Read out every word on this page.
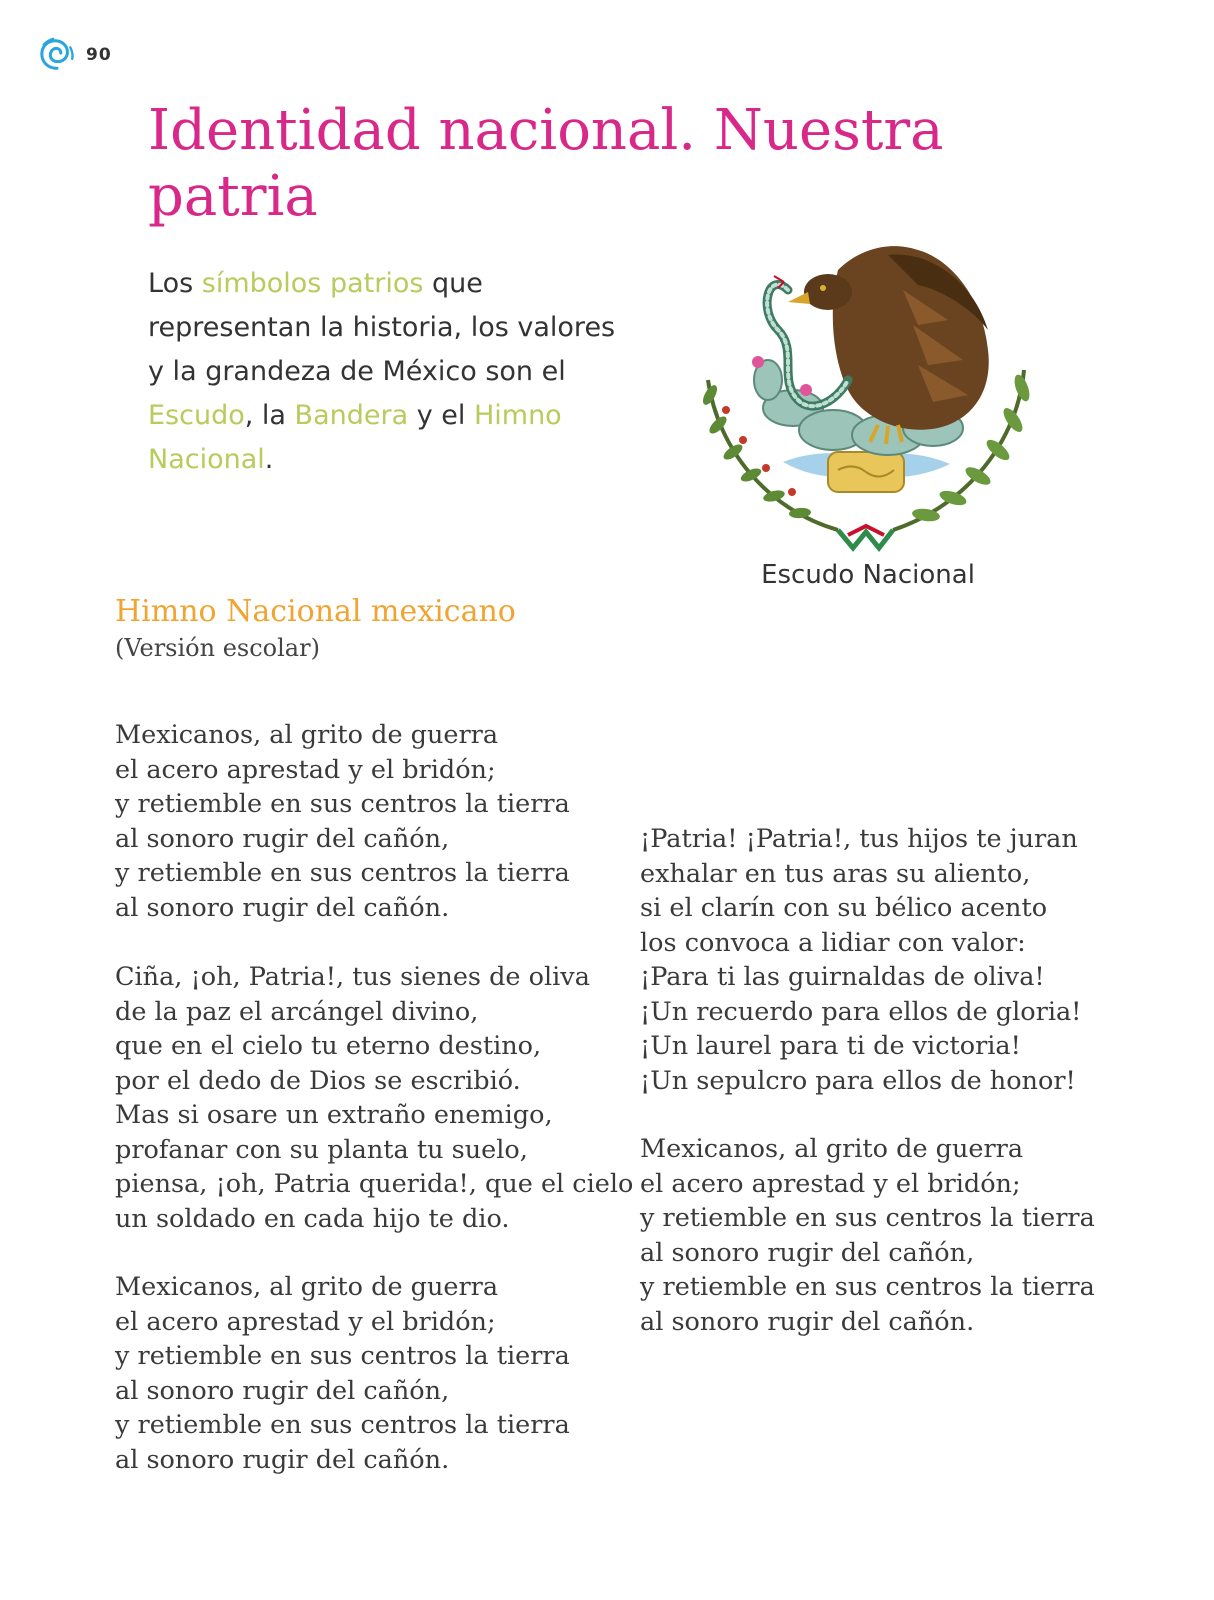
90
Identidad nacional. Nuestra patria

Los símbolos patrios que representan la historia, los valores y la grandeza de México son el Escudo, la Bandera y el Himno Nacional.

Escudo Nacional
Himno Nacional mexicano
(Versión escolar)
Mexicanos, al grito de guerra
el acero aprestad y el bridón;
y retiemble en sus centros la tierra
al sonoro rugir del cañón,
y retiemble en sus centros la tierra
al sonoro rugir del cañón.
Ciña, ¡oh, Patria!, tus sienes de oliva
de la paz el arcángel divino,
que en el cielo tu eterno destino,
por el dedo de Dios se escribió.
Mas si osare un extraño enemigo,
profanar con su planta tu suelo,
piensa, ¡oh, Patria querida!, que el cielo
un soldado en cada hijo te dio.
Mexicanos, al grito de guerra
el acero aprestad y el bridón;
y retiemble en sus centros la tierra
al sonoro rugir del cañón,
y retiemble en sus centros la tierra
al sonoro rugir del cañón.
¡Patria! ¡Patria!, tus hijos te juran
exhalar en tus aras su aliento,
si el clarín con su bélico acento
los convoca a lidiar con valor:
¡Para ti las guirnaldas de oliva!
¡Un recuerdo para ellos de gloria!
¡Un laurel para ti de victoria!
¡Un sepulcro para ellos de honor!
Mexicanos, al grito de guerra
el acero aprestad y el bridón;
y retiemble en sus centros la tierra
al sonoro rugir del cañón,
y retiemble en sus centros la tierra
al sonoro rugir del cañón.
